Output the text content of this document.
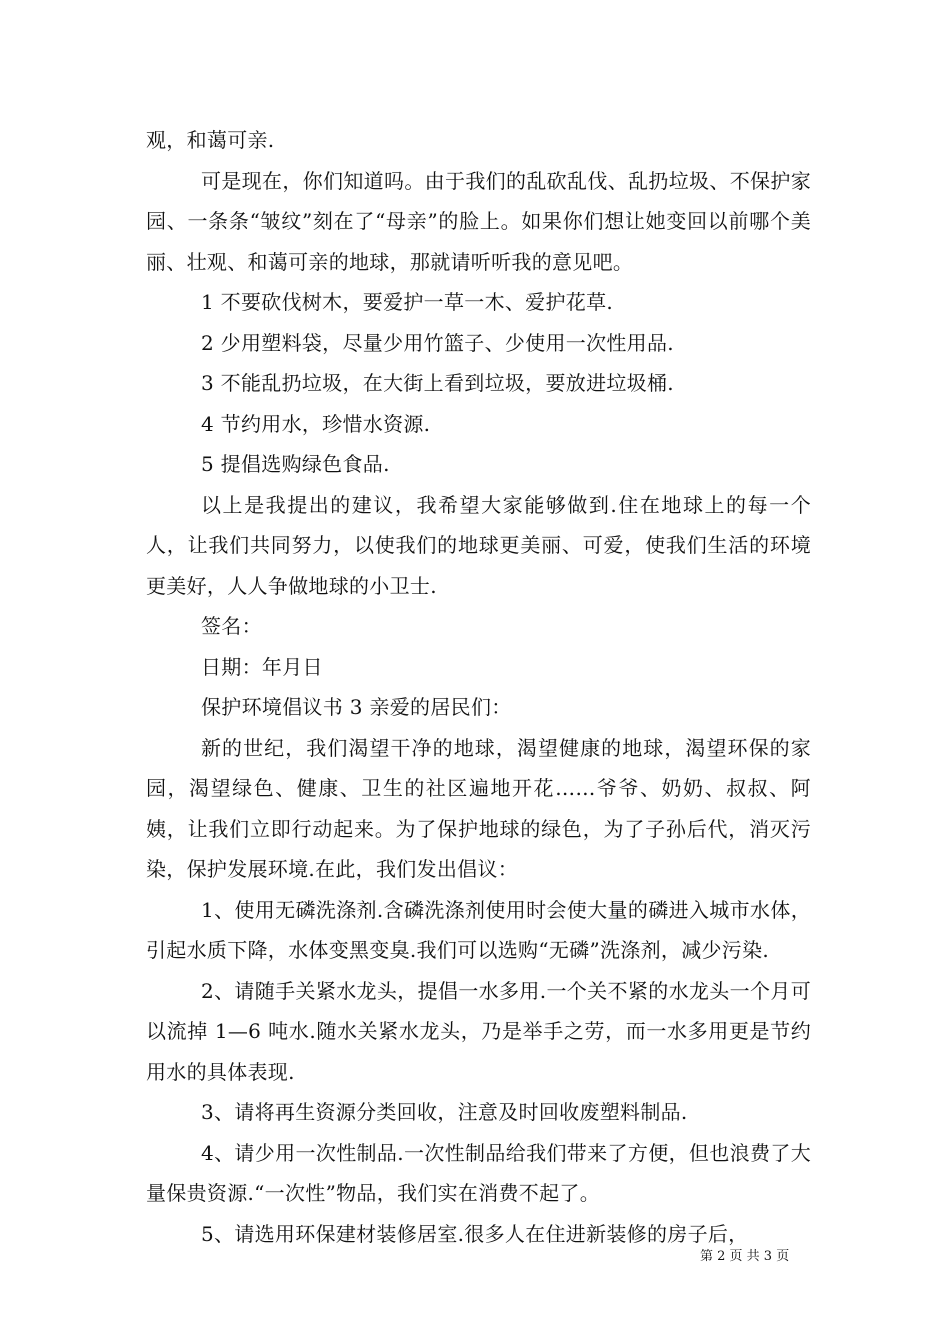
观，和蔼可亲.

可是现在，你们知道吗。由于我们的乱砍乱伐、乱扔垃圾、不保护家园、一条条“皱纹”刻在了“母亲”的脸上。如果你们想让她变回以前哪个美丽、壮观、和蔼可亲的地球，那就请听听我的意见吧。

1 不要砍伐树木，要爱护一草一木、爱护花草.

2 少用塑料袋，尽量少用竹篮子、少使用一次性用品.

3 不能乱扔垃圾，在大街上看到垃圾，要放进垃圾桶.

4 节约用水，珍惜水资源.

5 提倡选购绿色食品.

以上是我提出的建议，我希望大家能够做到.住在地球上的每一个人，让我们共同努力，以使我们的地球更美丽、可爱，使我们生活的环境更美好，人人争做地球的小卫士.

签名：

日期：年月日

保护环境倡议书 3 亲爱的居民们：

新的世纪，我们渴望干净的地球，渴望健康的地球，渴望环保的家园，渴望绿色、健康、卫生的社区遍地开花……爷爷、奶奶、叔叔、阿姨，让我们立即行动起来。为了保护地球的绿色，为了子孙后代，消灭污染，保护发展环境.在此，我们发出倡议：

1、使用无磷洗涤剂.含磷洗涤剂使用时会使大量的磷进入城市水体，引起水质下降，水体变黑变臭.我们可以选购“无磷”洗涤剂，减少污染.

2、请随手关紧水龙头，提倡一水多用.一个关不紧的水龙头一个月可以流掉 1—6 吨水.随水关紧水龙头，乃是举手之劳，而一水多用更是节约用水的具体表现.

3、请将再生资源分类回收，注意及时回收废塑料制品.

4、请少用一次性制品.一次性制品给我们带来了方便，但也浪费了大量保贵资源.“一次性”物品，我们实在消费不起了。

5、请选用环保建材装修居室.很多人在住进新装修的房子后，

第 2 页 共 3 页
